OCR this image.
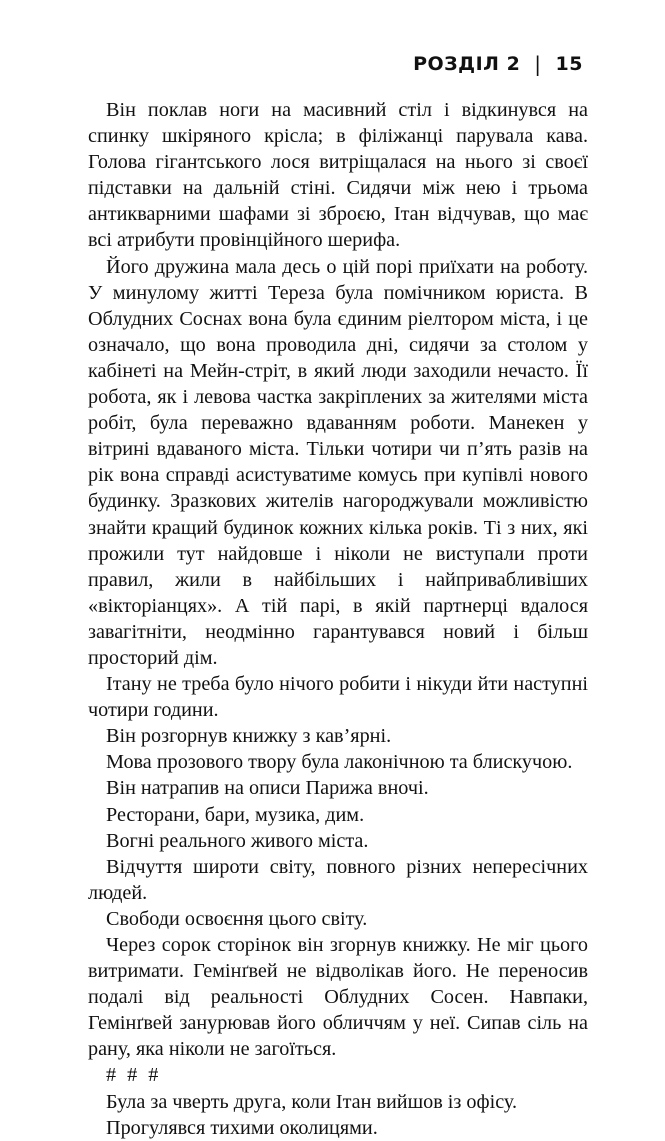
РОЗДІЛ 2 | 15

Він поклав ноги на масивний стіл і відкинувся на спинку шкіряного крісла; в філіжанці парувала кава. Голова гігантського лося витріщалася на нього зі своєї підставки на дальній стіні. Сидячи між нею і трьома антикварними шафами зі зброєю, Ітан відчував, що має всі атрибути провінційного шерифа.

Його дружина мала десь о цій порі приїхати на роботу. У минулому житті Тереза була помічником юриста. В Облудних Соснах вона була єдиним ріелтором міста, і це означало, що вона проводила дні, сидячи за столом у кабінеті на Мейн-стріт, в який люди заходили нечасто. Її робота, як і левова частка закріплених за жителями міста робіт, була переважно вдаванням роботи. Манекен у вітрині вдаваного міста. Тільки чотири чи п’ять разів на рік вона справді асистуватиме комусь при купівлі нового будинку. Зразкових жителів нагороджували можливістю знайти кращий будинок кожних кілька років. Ті з них, які прожили тут найдовше і ніколи не виступали проти правил, жили в найбільших і найпривабливіших «вікторіанцях». А тій парі, в якій партнерці вдалося завагітніти, неодмінно гарантувався новий і більш просторий дім.

Ітану не треба було нічого робити і нікуди йти наступні чотири години.

Він розгорнув книжку з кав’ярні.

Мова прозового твору була лаконічною та блискучою.

Він натрапив на описи Парижа вночі.

Ресторани, бари, музика, дим.

Вогні реального живого міста.

Відчуття широти світу, повного різних непересічних людей.

Свободи освоєння цього світу.

Через сорок сторінок він згорнув книжку. Не міг цього витримати. Гемінґвей не відволікав його. Не переносив подалі від реальності Облудних Сосен. Навпаки, Гемінґвей занурював його обличчям у неї. Сипав сіль на рану, яка ніколи не загоїться.

# # #

Була за чверть друга, коли Ітан вийшов із офісу.

Прогулявся тихими околицями.
